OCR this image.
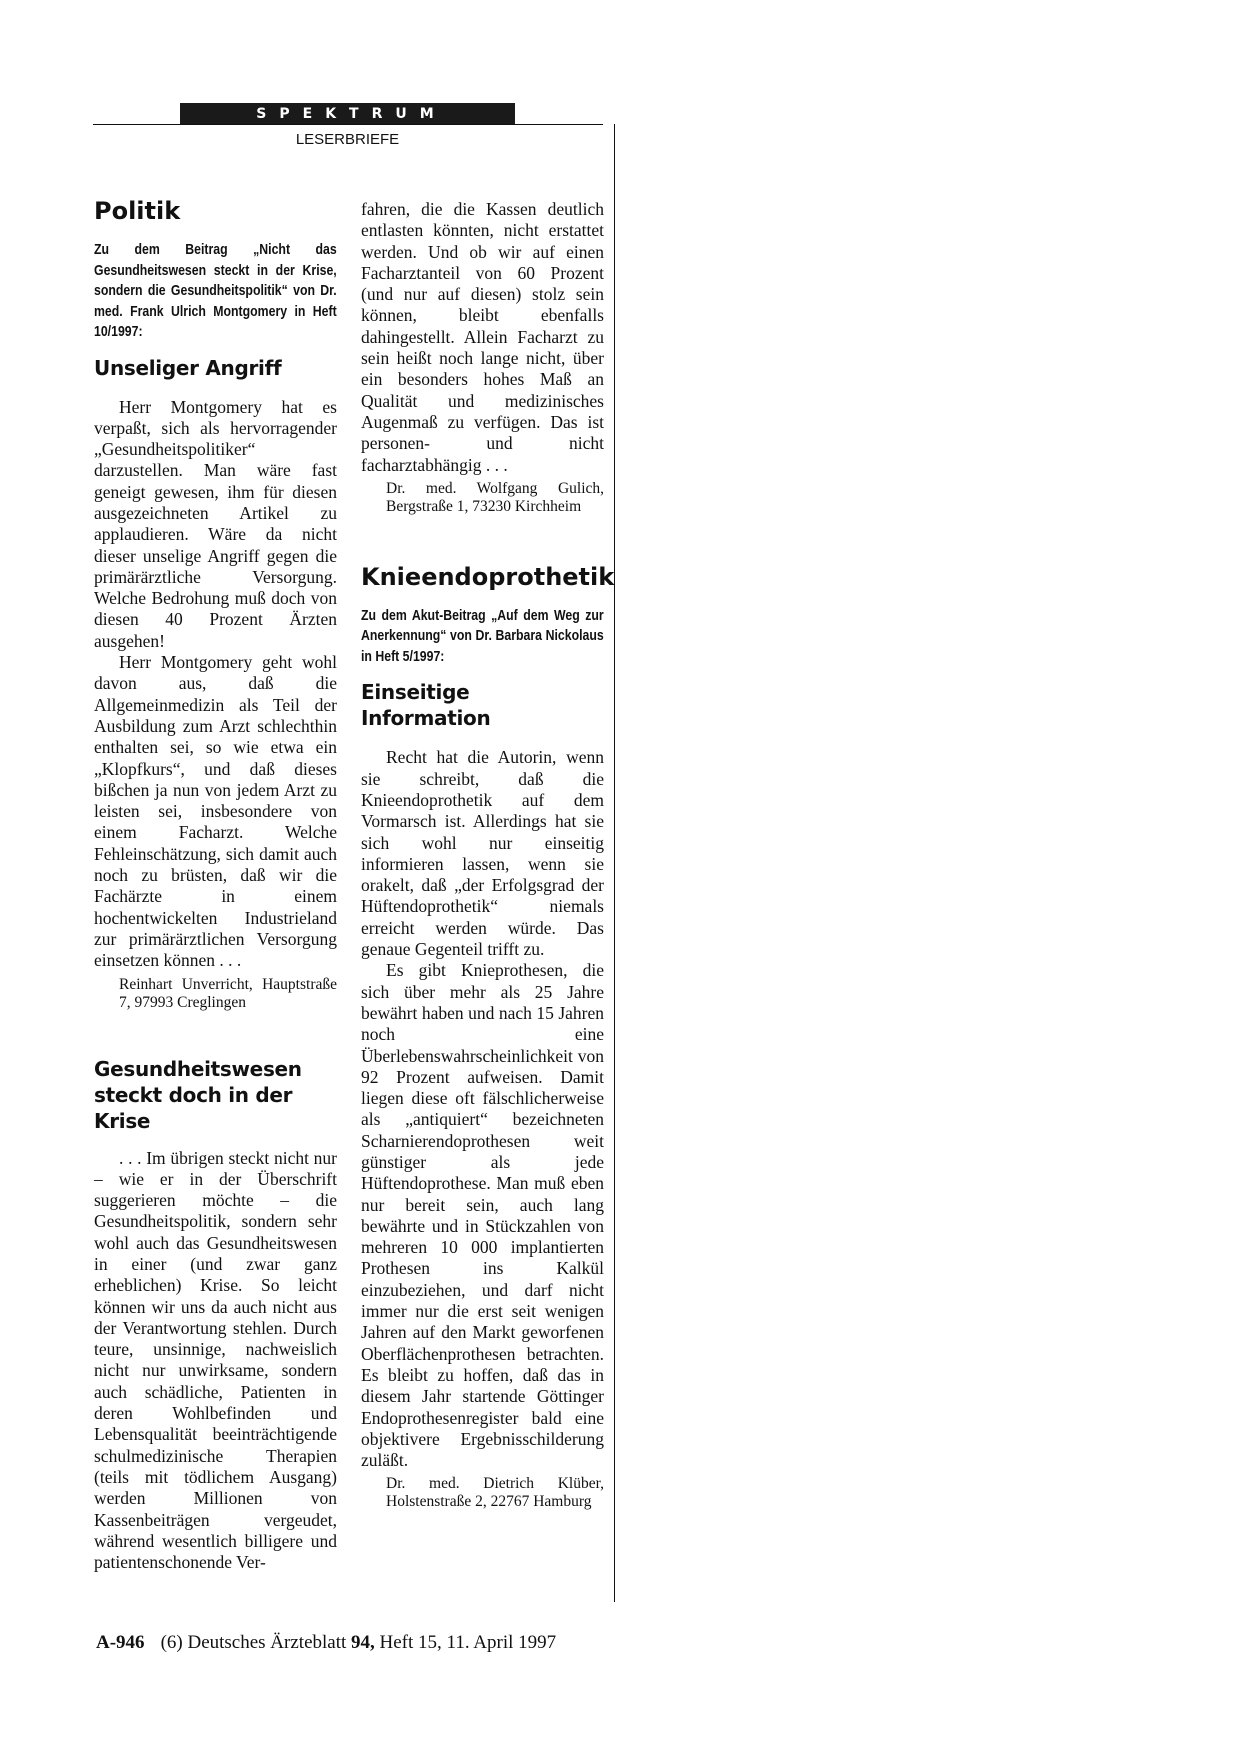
SPEKTRUM
LESERBRIEFE
Politik

Zu dem Beitrag „Nicht das Gesundheitswesen steckt in der Krise, sondern die Gesundheitspolitik“ von Dr. med. Frank Ulrich Montgomery in Heft 10/1997:

Unseliger Angriff

Herr Montgomery hat es verpaßt, sich als hervorragender „Gesundheitspolitiker“ darzustellen. Man wäre fast geneigt gewesen, ihm für diesen ausgezeichneten Artikel zu applaudieren. Wäre da nicht dieser unselige Angriff gegen die primärärztliche Versorgung. Welche Bedrohung muß doch von diesen 40 Prozent Ärzten ausgehen!

Herr Montgomery geht wohl davon aus, daß die Allgemeinmedizin als Teil der Ausbildung zum Arzt schlechthin enthalten sei, so wie etwa ein „Klopfkurs“, und daß dieses bißchen ja nun von jedem Arzt zu leisten sei, insbesondere von einem Facharzt. Welche Fehleinschätzung, sich damit auch noch zu brüsten, daß wir die Fachärzte in einem hochentwickelten Industrieland zur primärärztlichen Versorgung einsetzen können . . .

Reinhart Unverricht, Hauptstraße 7, 97993 Creglingen

Gesundheitswesen
steckt doch in der Krise

. . . Im übrigen steckt nicht nur – wie er in der Überschrift suggerieren möchte – die Gesundheitspolitik, sondern sehr wohl auch das Gesundheitswesen in einer (und zwar ganz erheblichen) Krise. So leicht können wir uns da auch nicht aus der Verantwortung stehlen. Durch teure, unsinnige, nachweislich nicht nur unwirksame, sondern auch schädliche, Patienten in deren Wohlbefinden und Lebensqualität beeinträchtigende schulmedizinische Therapien (teils mit tödlichem Ausgang) werden Millionen von Kassenbeiträgen vergeudet, während wesentlich billigere und patientenschonende Ver-

fahren, die die Kassen deutlich entlasten könnten, nicht erstattet werden. Und ob wir auf einen Facharztanteil von 60 Prozent (und nur auf diesen) stolz sein können, bleibt ebenfalls dahingestellt. Allein Facharzt zu sein heißt noch lange nicht, über ein besonders hohes Maß an Qualität und medizinisches Augenmaß zu verfügen. Das ist personen- und nicht facharztabhängig . . .

Dr. med. Wolfgang Gulich, Bergstraße 1, 73230 Kirchheim

Knieendoprothetik

Zu dem Akut-Beitrag „Auf dem Weg zur Anerkennung“ von Dr. Barbara Nickolaus in Heft 5/1997:

Einseitige Information

Recht hat die Autorin, wenn sie schreibt, daß die Knieendoprothetik auf dem Vormarsch ist. Allerdings hat sie sich wohl nur einseitig informieren lassen, wenn sie orakelt, daß „der Erfolgsgrad der Hüftendoprothetik“ niemals erreicht werden würde. Das genaue Gegenteil trifft zu.

Es gibt Knieprothesen, die sich über mehr als 25 Jahre bewährt haben und nach 15 Jahren noch eine Überlebenswahrscheinlichkeit von 92 Prozent aufweisen. Damit liegen diese oft fälschlicherweise als „antiquiert“ bezeichneten Scharnierendoprothesen weit günstiger als jede Hüftendoprothese. Man muß eben nur bereit sein, auch lang bewährte und in Stückzahlen von mehreren 10 000 implantierten Prothesen ins Kalkül einzubeziehen, und darf nicht immer nur die erst seit wenigen Jahren auf den Markt geworfenen Oberflächenprothesen betrachten. Es bleibt zu hoffen, daß das in diesem Jahr startende Göttinger Endoprothesenregister bald eine objektivere Ergebnisschilderung zuläßt.

Dr. med. Dietrich Klüber, Holstenstraße 2, 22767 Hamburg

A-946 (6) Deutsches Ärzteblatt 94, Heft 15, 11. April 1997
